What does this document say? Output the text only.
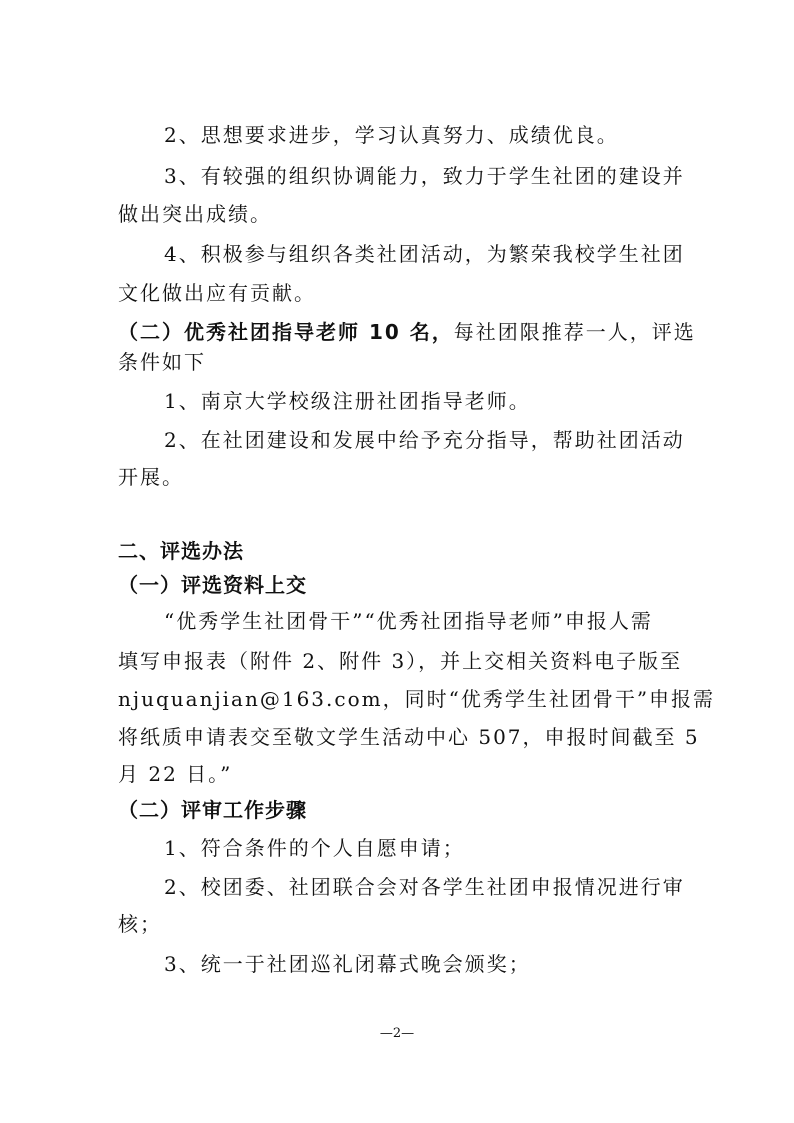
2、思想要求进步，学习认真努力、成绩优良。
3、有较强的组织协调能力，致力于学生社团的建设并
做出突出成绩。
4、积极参与组织各类社团活动，为繁荣我校学生社团
文化做出应有贡献。
（二）优秀社团指导老师 10 名，每社团限推荐一人，评选
条件如下
1、南京大学校级注册社团指导老师。
2、在社团建设和发展中给予充分指导，帮助社团活动
开展。
二、评选办法
（一）评选资料上交
“优秀学生社团骨干”“优秀社团指导老师”申报人需
填写申报表（附件 2、附件 3），并上交相关资料电子版至
njuquanjian@163.com，同时“优秀学生社团骨干”申报需
将纸质申请表交至敬文学生活动中心 507，申报时间截至 5
月 22 日。”
（二）评审工作步骤
1、符合条件的个人自愿申请；
2、校团委、社团联合会对各学生社团申报情况进行审
核；
3、统一于社团巡礼闭幕式晚会颁奖；
—2—
